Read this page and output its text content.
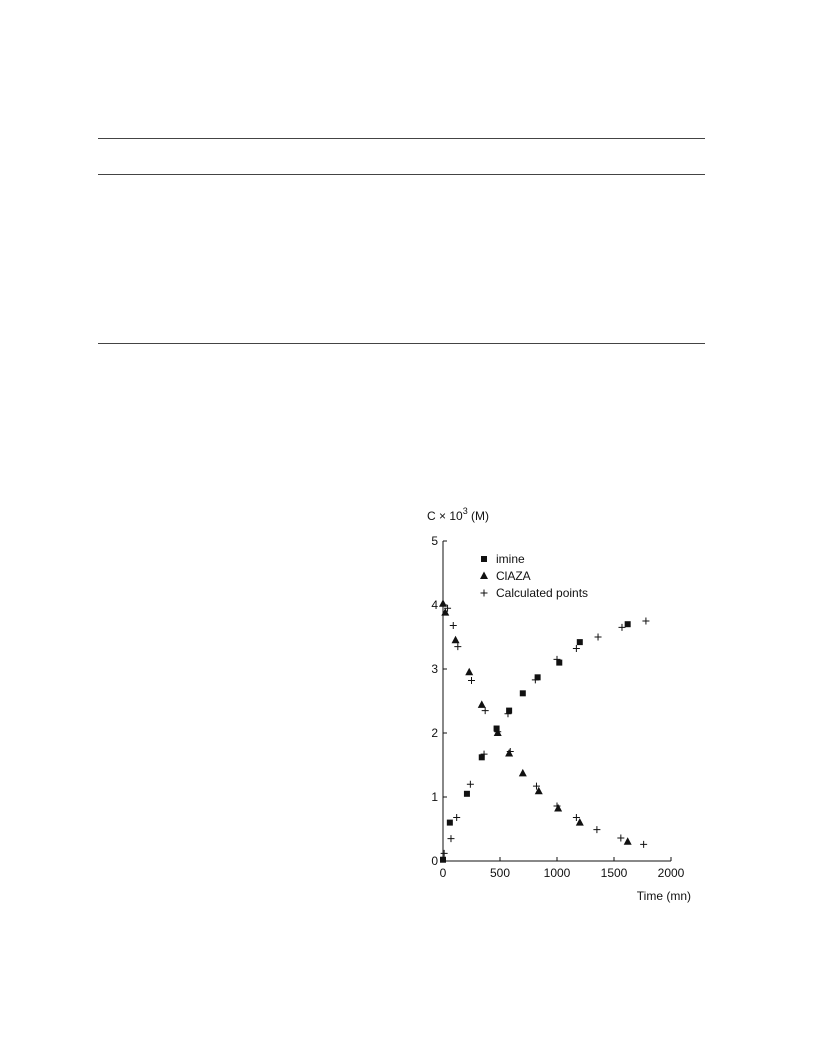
$C \times 10^3$ (M)
Time (mn)
0
1
2
3
4
5
0	500	1000	1500	2000
imine
ClAZA
Calculated points
